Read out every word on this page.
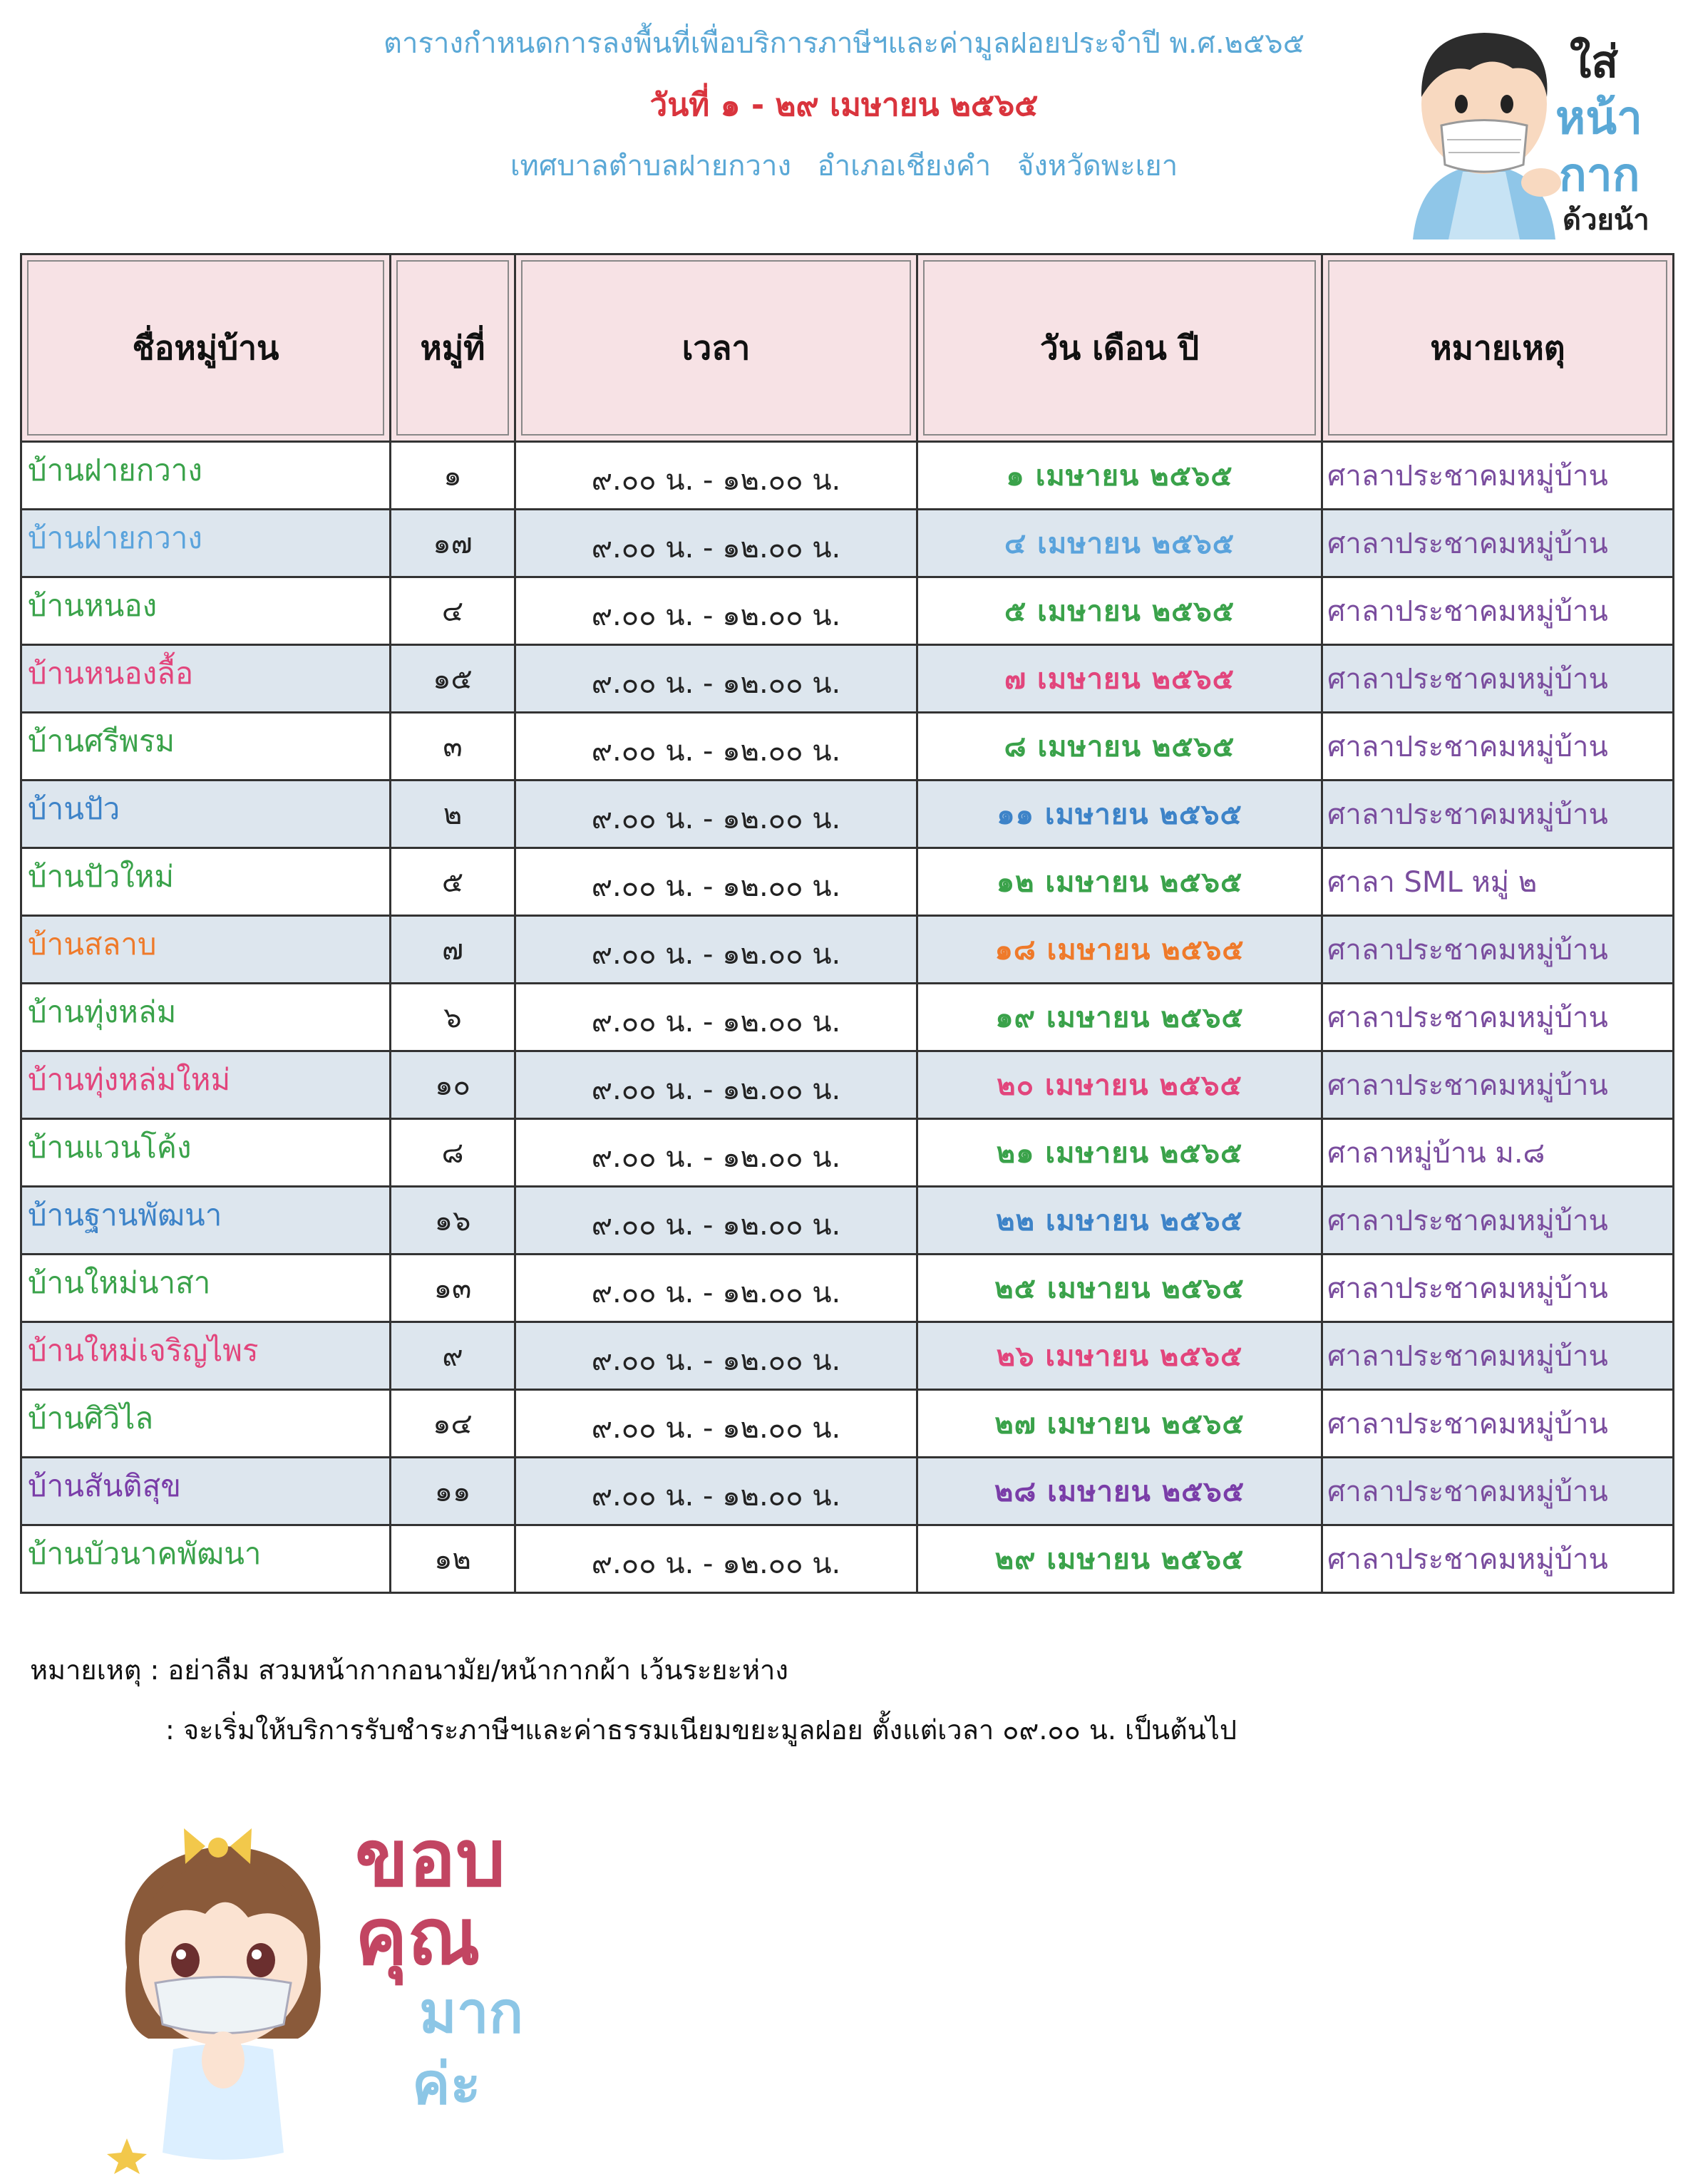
ตารางกำหนดการลงพื้นที่เพื่อบริการภาษีฯและค่ามูลฝอยประจำปี พ.ศ.๒๕๖๕
วันที่ ๑ - ๒๙ เมษายน ๒๕๖๕
เทศบาลตำบลฝายกวาง อำเภอเชียงคำ จังหวัดพะเยา
ใส่
หน้า
กาก
ด้วยน้า
ชื่อหมู่บ้าน	หมู่ที่	เวลา	วัน เดือน ปี	หมายเหตุ
บ้านฝายกวาง	๑	๙.๐๐ น. - ๑๒.๐๐ น.	๑ เมษายน ๒๕๖๕	ศาลาประชาคมหมู่บ้าน
บ้านฝายกวาง	๑๗	๙.๐๐ น. - ๑๒.๐๐ น.	๔ เมษายน ๒๕๖๕	ศาลาประชาคมหมู่บ้าน
บ้านหนอง	๔	๙.๐๐ น. - ๑๒.๐๐ น.	๕ เมษายน ๒๕๖๕	ศาลาประชาคมหมู่บ้าน
บ้านหนองลื้อ	๑๕	๙.๐๐ น. - ๑๒.๐๐ น.	๗ เมษายน ๒๕๖๕	ศาลาประชาคมหมู่บ้าน
บ้านศรีพรม	๓	๙.๐๐ น. - ๑๒.๐๐ น.	๘ เมษายน ๒๕๖๕	ศาลาประชาคมหมู่บ้าน
บ้านปัว	๒	๙.๐๐ น. - ๑๒.๐๐ น.	๑๑ เมษายน ๒๕๖๕	ศาลาประชาคมหมู่บ้าน
บ้านปัวใหม่	๕	๙.๐๐ น. - ๑๒.๐๐ น.	๑๒ เมษายน ๒๕๖๕	ศาลา SML หมู่ ๒
บ้านสลาบ	๗	๙.๐๐ น. - ๑๒.๐๐ น.	๑๘ เมษายน ๒๕๖๕	ศาลาประชาคมหมู่บ้าน
บ้านทุ่งหล่ม	๖	๙.๐๐ น. - ๑๒.๐๐ น.	๑๙ เมษายน ๒๕๖๕	ศาลาประชาคมหมู่บ้าน
บ้านทุ่งหล่มใหม่	๑๐	๙.๐๐ น. - ๑๒.๐๐ น.	๒๐ เมษายน ๒๕๖๕	ศาลาประชาคมหมู่บ้าน
บ้านแวนโค้ง	๘	๙.๐๐ น. - ๑๒.๐๐ น.	๒๑ เมษายน ๒๕๖๕	ศาลาหมู่บ้าน ม.๘
บ้านฐานพัฒนา	๑๖	๙.๐๐ น. - ๑๒.๐๐ น.	๒๒ เมษายน ๒๕๖๕	ศาลาประชาคมหมู่บ้าน
บ้านใหม่นาสา	๑๓	๙.๐๐ น. - ๑๒.๐๐ น.	๒๕ เมษายน ๒๕๖๕	ศาลาประชาคมหมู่บ้าน
บ้านใหม่เจริญไพร	๙	๙.๐๐ น. - ๑๒.๐๐ น.	๒๖ เมษายน ๒๕๖๕	ศาลาประชาคมหมู่บ้าน
บ้านศิวิไล	๑๔	๙.๐๐ น. - ๑๒.๐๐ น.	๒๗ เมษายน ๒๕๖๕	ศาลาประชาคมหมู่บ้าน
บ้านสันติสุข	๑๑	๙.๐๐ น. - ๑๒.๐๐ น.	๒๘ เมษายน ๒๕๖๕	ศาลาประชาคมหมู่บ้าน
บ้านบัวนาคพัฒนา	๑๒	๙.๐๐ น. - ๑๒.๐๐ น.	๒๙ เมษายน ๒๕๖๕	ศาลาประชาคมหมู่บ้าน
หมายเหตุ : อย่าลืม สวมหน้ากากอนามัย/หน้ากากผ้า เว้นระยะห่าง
: จะเริ่มให้บริการรับชำระภาษีฯและค่าธรรมเนียมขยะมูลฝอย ตั้งแต่เวลา ๐๙.๐๐ น. เป็นต้นไป
ขอบ
คุณ
มาก
ค่ะ
